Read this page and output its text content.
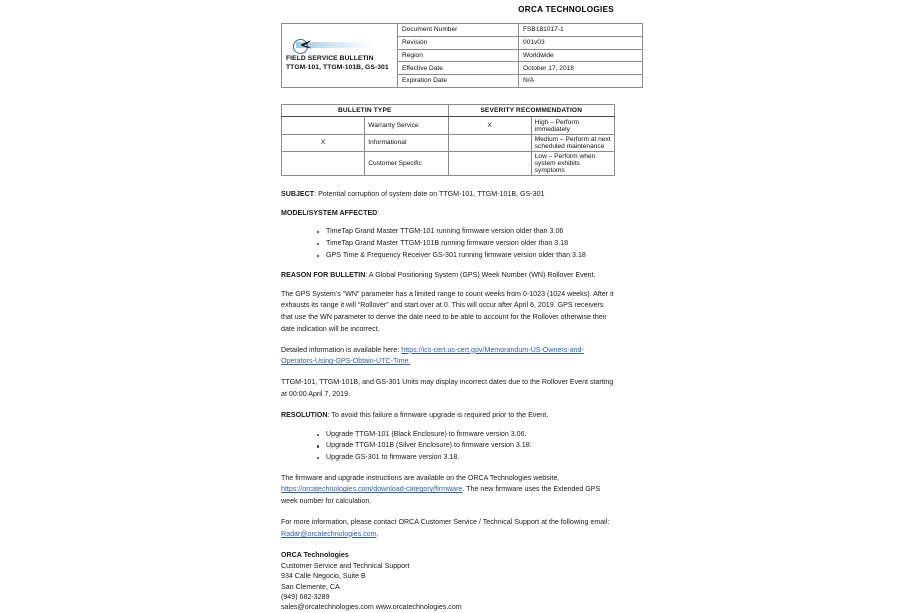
ORCA TECHNOLOGIES
FIELD SERVICE BULLETIN
TTGM-101, TTGM-101B, GS-301	Document Number	FSB181017-1
	Revision	001v03
	Region	Worldwide
	Effective Date	October 17, 2018
	Expiration Date	N/A
BULLETIN TYPE		SEVERITY RECOMMENDATION	
	Warranty Service	X	High – Perform immediately
X	Informational		Medium – Perform at next scheduled maintenance
	Customer Specific		Low – Perform when system exhibits symptoms

SUBJECT: Potential corruption of system date on TTGM-101, TTGM-101B, GS-301

MODEL/SYSTEM AFFECTED:

TimeTap Grand Master TTGM-101 running firmware version older than 3.06
TimeTap Grand Master TTGM-101B running firmware version older than 3.18
GPS Time & Frequency Receiver GS-301 running firmware version older than 3.18

REASON FOR BULLETIN: A Global Positioning System (GPS) Week Number (WN) Rollover Event.

The GPS System’s “WN” parameter has a limited range to count weeks from 0-1023 (1024 weeks). After it exhausts its range it will “Rollover” and start over at 0. This will occur after April 6, 2019. GPS receivers that use the WN parameter to derive the date need to be able to account for the Rollover otherwise their date indication will be incorrect.

Detailed information is available here: https://ics-cert.us-cert.gov/Memorandum-US-Owners-and-Operators-Using-GPS-Obtain-UTC-Time.

TTGM-101, TTGM-101B, and GS-301 Units may display incorrect dates due to the Rollover Event starting at 00:00 April 7, 2019.

RESOLUTION: To avoid this failure a firmware upgrade is required prior to the Event.

Upgrade TTGM-101 (Black Enclosure) to firmware version 3.06.
Upgrade TTGM-101B (Silver Enclosure) to firmware version 3.18.
Upgrade GS-301 to firmware version 3.18.

The firmware and upgrade instructions are available on the ORCA Technologies website, https://orcatechnologies.com/download-category/firmware. The new firmware uses the Extended GPS week number for calculation.

For more information, please contact ORCA Customer Service / Technical Support at the following email: Radar@orcatechnologies.com.

ORCA Technologies
Customer Service and Technical Support
934 Calle Negocio, Suite B
San Clemente, CA
(949) 682-3289
sales@orcatechnologies.com www.orcatechnologies.com
